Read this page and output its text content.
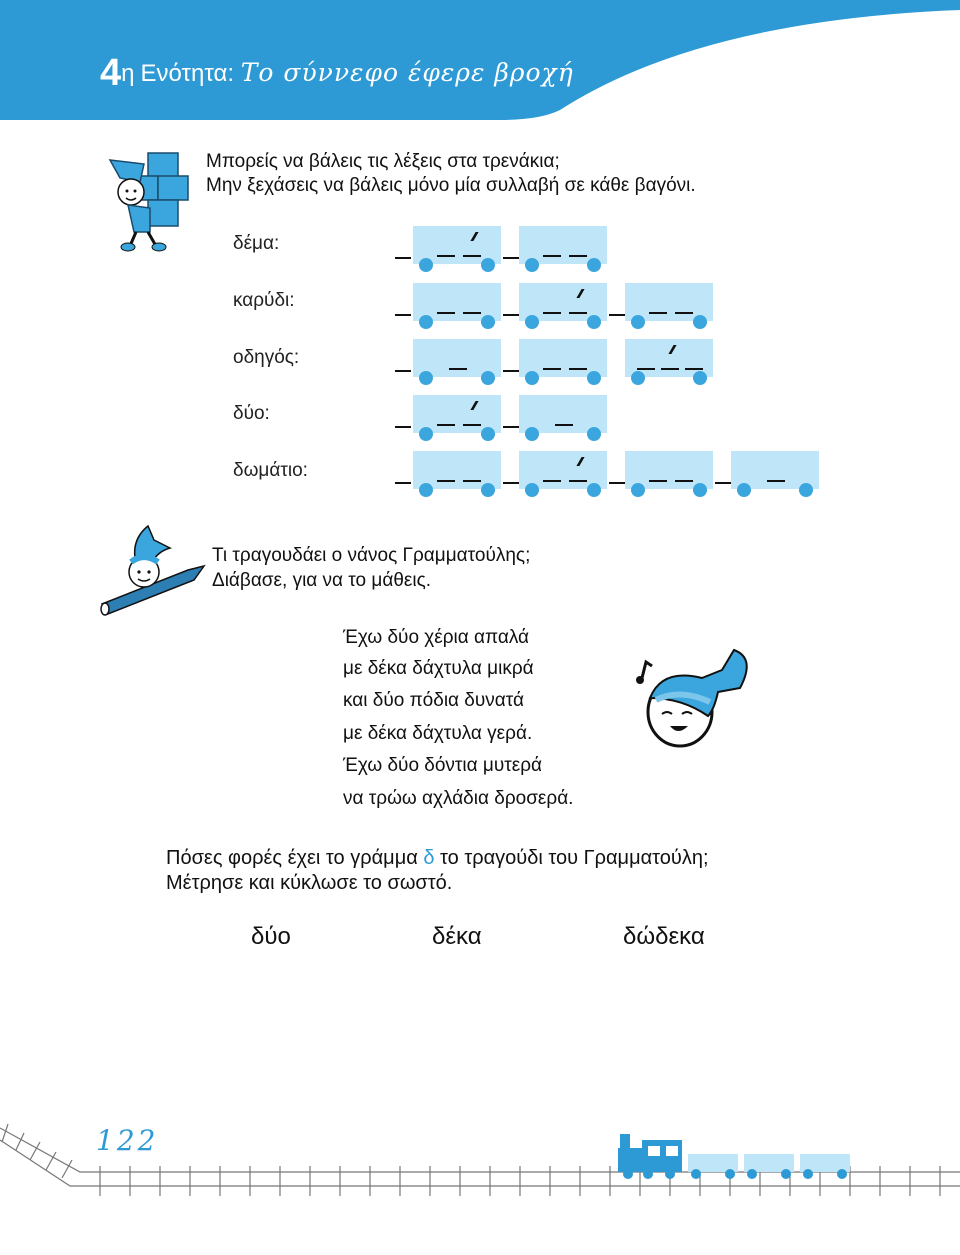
4η Ενότητα: Το σύννεφο έφερε βροχή
Μπορείς να βάλεις τις λέξεις στα τρενάκια;
Μην ξεχάσεις να βάλεις μόνο μία συλλαβή σε κάθε βαγόνι.
δέμα:
καρύδι:
οδηγός:
δύο:
δωμάτιο:
Τι τραγουδάει ο νάνος Γραμματούλης;
Διάβασε, για να το μάθεις.
Έχω δύο χέρια απαλά
με δέκα δάχτυλα μικρά
και δύο πόδια δυνατά
με δέκα δάχτυλα γερά.
Έχω δύο δόντια μυτερά
να τρώω αχλάδια δροσερά.
Πόσες φορές έχει το γράμμα δ το τραγούδι του Γραμματούλη;
Μέτρησε και κύκλωσε το σωστό.
δύο	δέκα	δώδεκα
122
